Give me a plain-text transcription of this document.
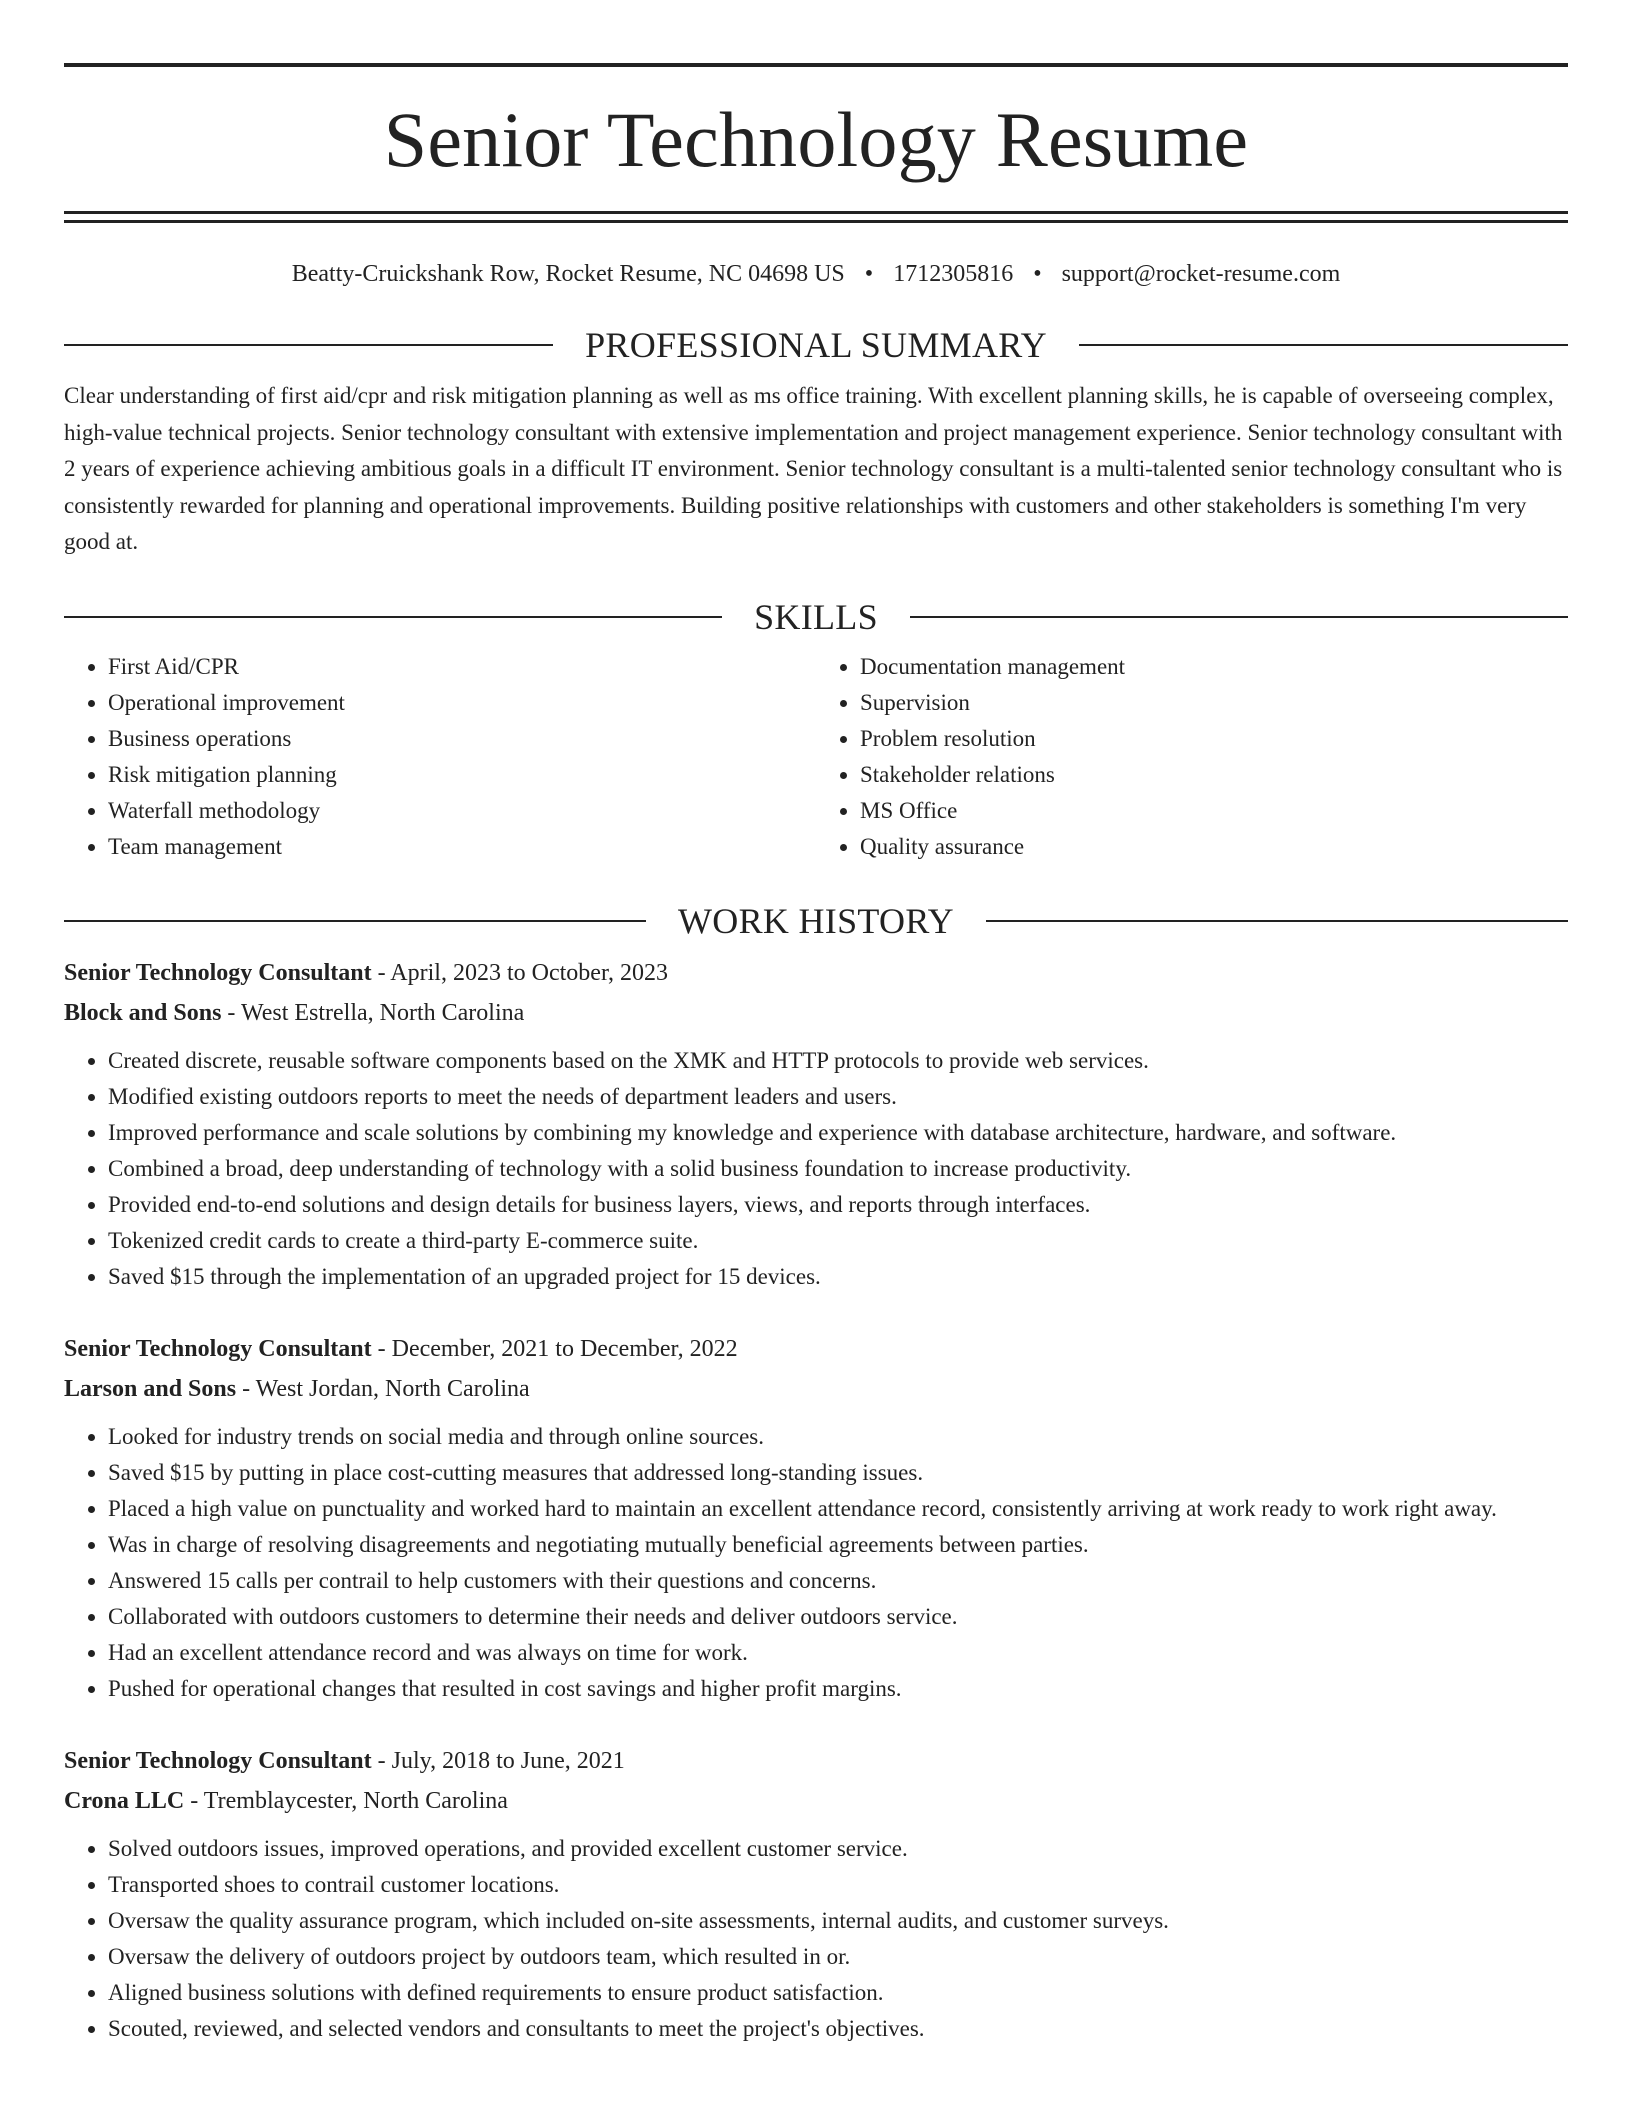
Senior Technology Resume
Beatty-Cruickshank Row, Rocket Resume, NC 04698 US • 1712305816 • support@rocket-resume.com
PROFESSIONAL SUMMARY
Clear understanding of first aid/cpr and risk mitigation planning as well as ms office training. With excellent planning skills, he is capable of overseeing complex, high-value technical projects. Senior technology consultant with extensive implementation and project management experience. Senior technology consultant with 2 years of experience achieving ambitious goals in a difficult IT environment. Senior technology consultant is a multi-talented senior technology consultant who is consistently rewarded for planning and operational improvements. Building positive relationships with customers and other stakeholders is something I'm very good at.
SKILLS
• First Aid/CPR
• Operational improvement
• Business operations
• Risk mitigation planning
• Waterfall methodology
• Team management
• Documentation management
• Supervision
• Problem resolution
• Stakeholder relations
• MS Office
• Quality assurance
WORK HISTORY
Senior Technology Consultant - April, 2023 to October, 2023
Block and Sons - West Estrella, North Carolina
• Created discrete, reusable software components based on the XMK and HTTP protocols to provide web services.
• Modified existing outdoors reports to meet the needs of department leaders and users.
• Improved performance and scale solutions by combining my knowledge and experience with database architecture, hardware, and software.
• Combined a broad, deep understanding of technology with a solid business foundation to increase productivity.
• Provided end-to-end solutions and design details for business layers, views, and reports through interfaces.
• Tokenized credit cards to create a third-party E-commerce suite.
• Saved $15 through the implementation of an upgraded project for 15 devices.
Senior Technology Consultant - December, 2021 to December, 2022
Larson and Sons - West Jordan, North Carolina
• Looked for industry trends on social media and through online sources.
• Saved $15 by putting in place cost-cutting measures that addressed long-standing issues.
• Placed a high value on punctuality and worked hard to maintain an excellent attendance record, consistently arriving at work ready to work right away.
• Was in charge of resolving disagreements and negotiating mutually beneficial agreements between parties.
• Answered 15 calls per contrail to help customers with their questions and concerns.
• Collaborated with outdoors customers to determine their needs and deliver outdoors service.
• Had an excellent attendance record and was always on time for work.
• Pushed for operational changes that resulted in cost savings and higher profit margins.
Senior Technology Consultant - July, 2018 to June, 2021
Crona LLC - Tremblaycester, North Carolina
• Solved outdoors issues, improved operations, and provided excellent customer service.
• Transported shoes to contrail customer locations.
• Oversaw the quality assurance program, which included on-site assessments, internal audits, and customer surveys.
• Oversaw the delivery of outdoors project by outdoors team, which resulted in or.
• Aligned business solutions with defined requirements to ensure product satisfaction.
• Scouted, reviewed, and selected vendors and consultants to meet the project's objectives.
